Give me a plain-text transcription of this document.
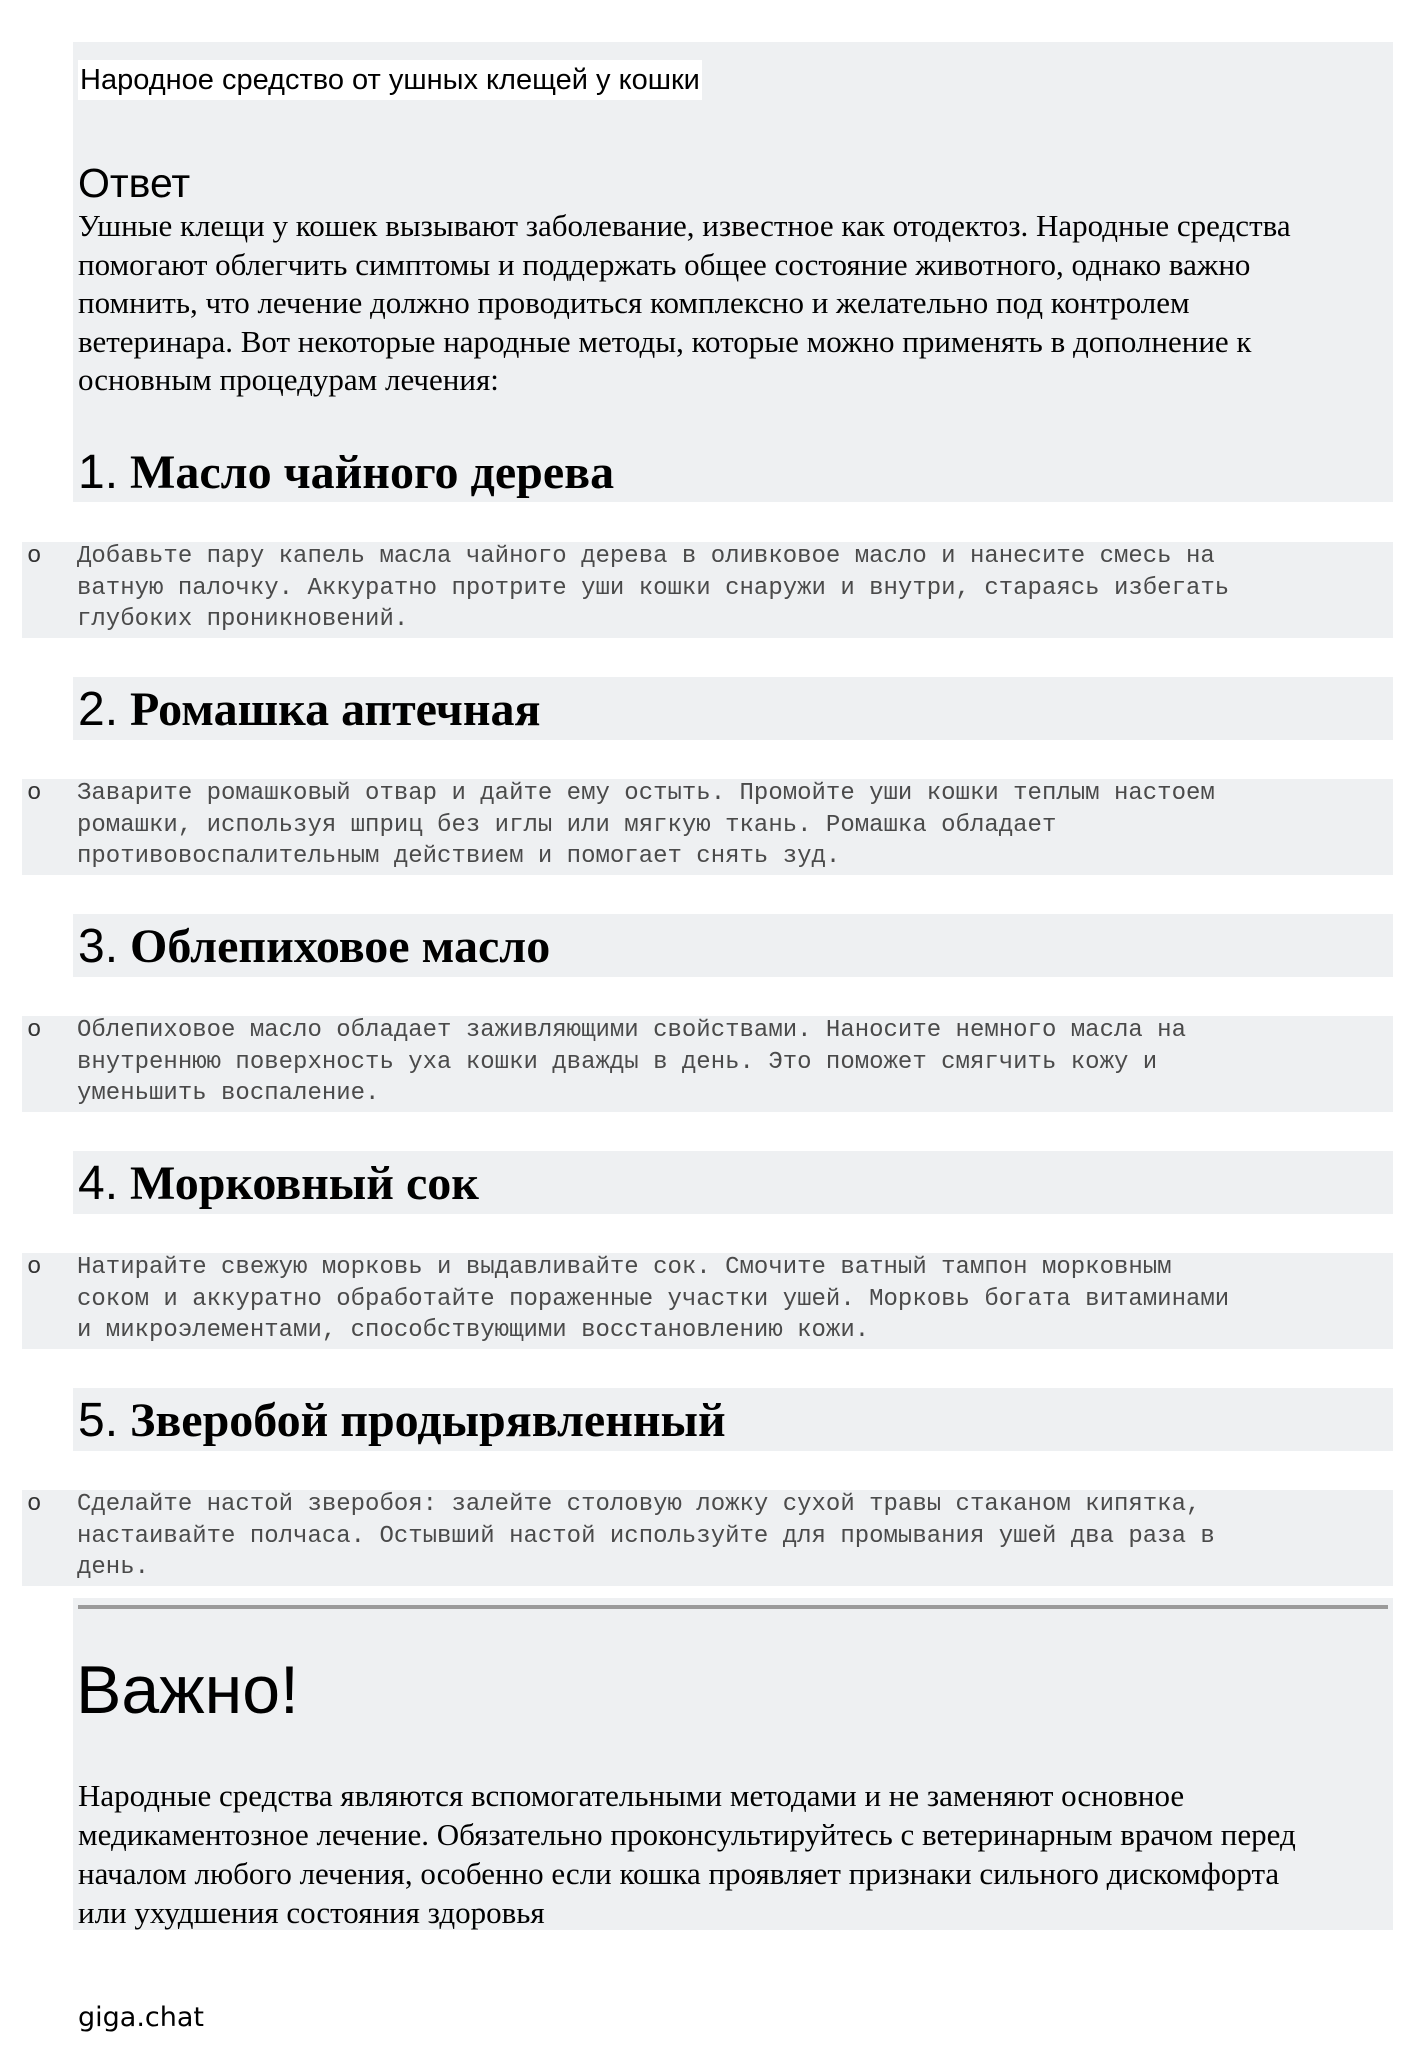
Народное средство от ушных клещей у кошки
Ответ
Ушные клещи у кошек вызывают заболевание, известное как отодектоз. Народные средства
помогают облегчить симптомы и поддержать общее состояние животного, однако важно
помнить, что лечение должно проводиться комплексно и желательно под контролем
ветеринара. Вот некоторые народные методы, которые можно применять в дополнение к
основным процедурам лечения:
1. Масло чайного дерева
o Добавьте пару капель масла чайного дерева в оливковое масло и нанесите смесь на
ватную палочку. Аккуратно протрите уши кошки снаружи и внутри, стараясь избегать
глубоких проникновений.
2. Ромашка аптечная
o Заварите ромашковый отвар и дайте ему остыть. Промойте уши кошки теплым настоем
ромашки, используя шприц без иглы или мягкую ткань. Ромашка обладает
противовоспалительным действием и помогает снять зуд.
3. Облепиховое масло
o Облепиховое масло обладает заживляющими свойствами. Наносите немного масла на
внутреннюю поверхность уха кошки дважды в день. Это поможет смягчить кожу и
уменьшить воспаление.
4. Морковный сок
o Натирайте свежую морковь и выдавливайте сок. Смочите ватный тампон морковным
соком и аккуратно обработайте пораженные участки ушей. Морковь богата витаминами
и микроэлементами, способствующими восстановлению кожи.
5. Зверобой продырявленный
o Сделайте настой зверобоя: залейте столовую ложку сухой травы стаканом кипятка,
настаивайте полчаса. Остывший настой используйте для промывания ушей два раза в
день.
Важно!
Народные средства являются вспомогательными методами и не заменяют основное
медикаментозное лечение. Обязательно проконсультируйтесь с ветеринарным врачом перед
началом любого лечения, особенно если кошка проявляет признаки сильного дискомфорта
или ухудшения состояния здоровья
giga.chat
